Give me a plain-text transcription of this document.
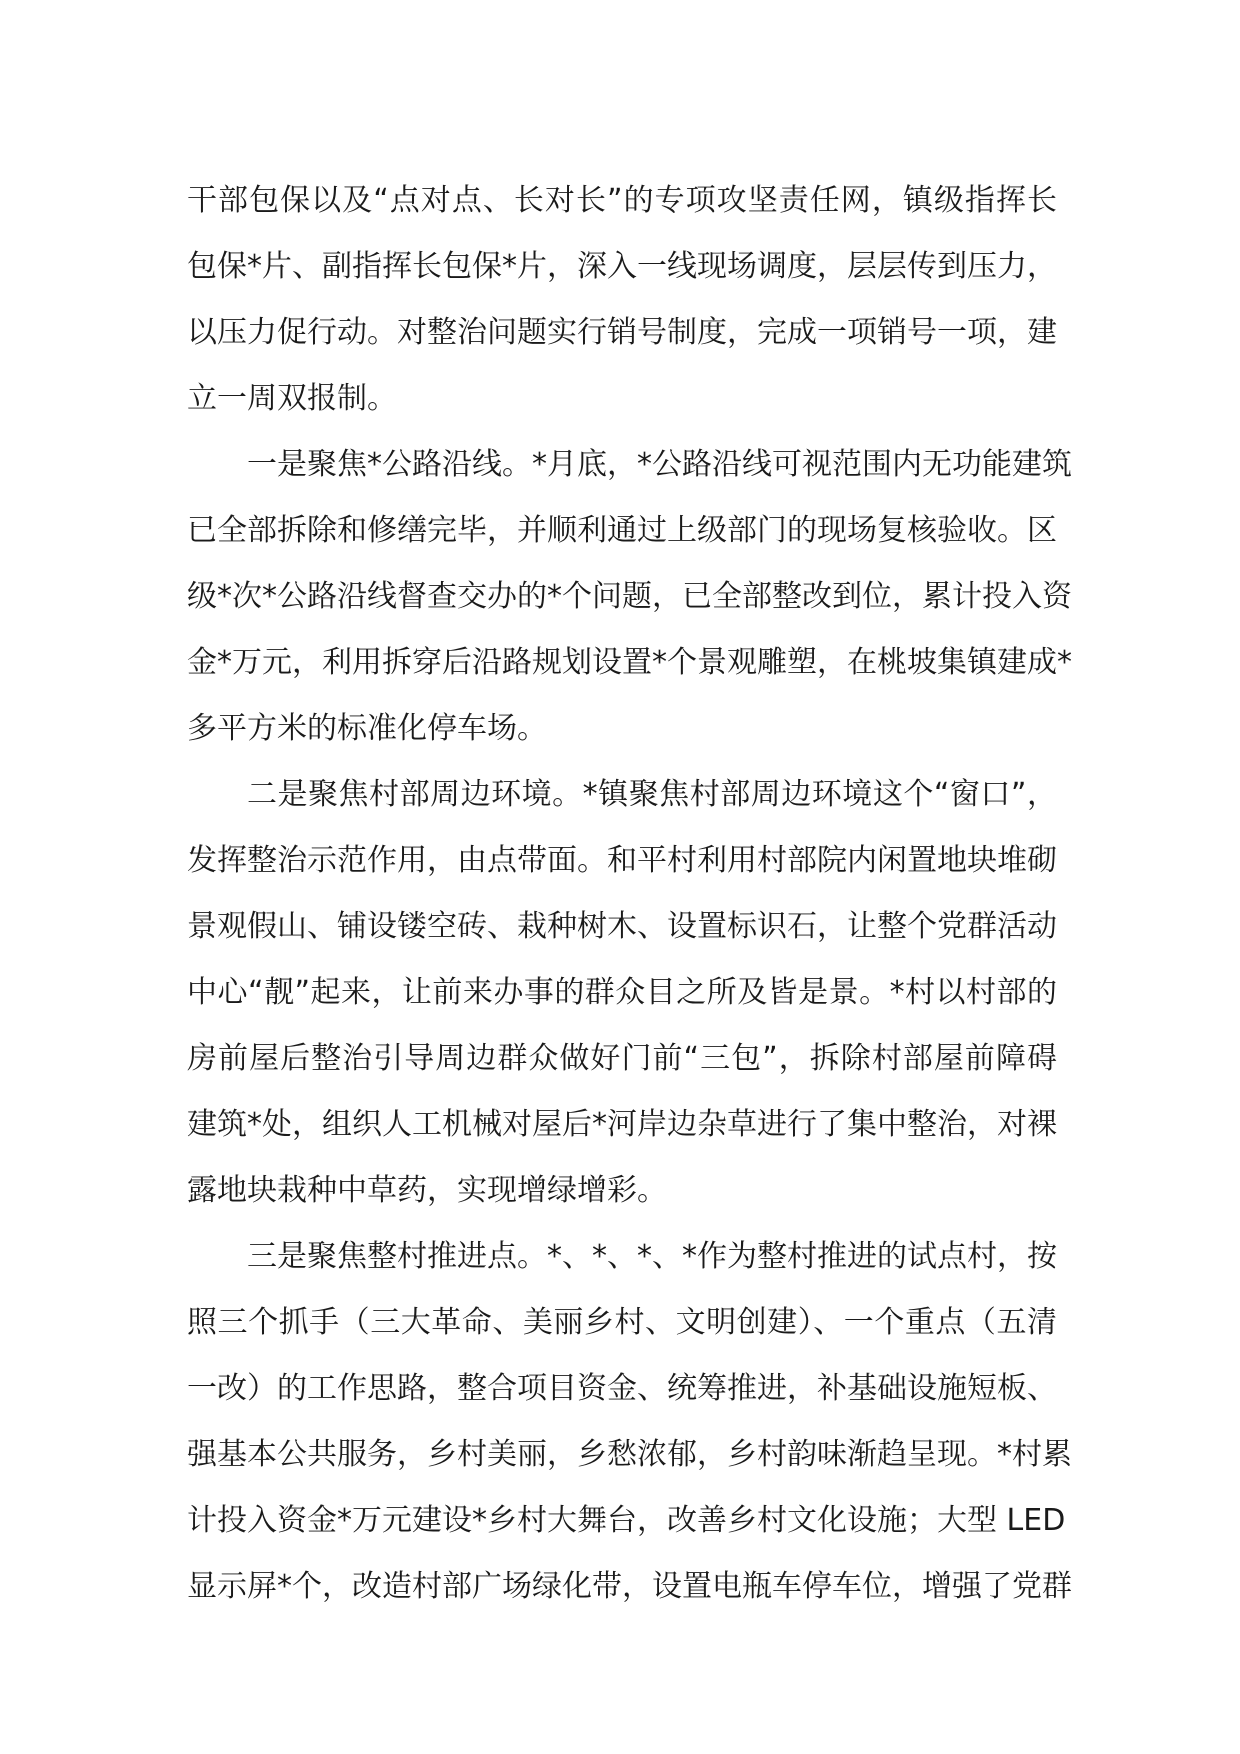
干部包保以及“点对点、长对长”的专项攻坚责任网，镇级指挥长
包保*片、副指挥长包保*片，深入一线现场调度，层层传到压力，
以压力促行动。对整治问题实行销号制度，完成一项销号一项，建
立一周双报制。
一是聚焦*公路沿线。*月底，*公路沿线可视范围内无功能建筑
已全部拆除和修缮完毕，并顺利通过上级部门的现场复核验收。区
级*次*公路沿线督查交办的*个问题，已全部整改到位，累计投入资
金*万元，利用拆穿后沿路规划设置*个景观雕塑，在桃坡集镇建成*
多平方米的标准化停车场。
二是聚焦村部周边环境。*镇聚焦村部周边环境这个“窗口”，
发挥整治示范作用，由点带面。和平村利用村部院内闲置地块堆砌
景观假山、铺设镂空砖、栽种树木、设置标识石，让整个党群活动
中心“靓”起来，让前来办事的群众目之所及皆是景。*村以村部的
房前屋后整治引导周边群众做好门前“三包”，拆除村部屋前障碍
建筑*处，组织人工机械对屋后*河岸边杂草进行了集中整治，对裸
露地块栽种中草药，实现增绿增彩。
三是聚焦整村推进点。*、*、*、*作为整村推进的试点村，按
照三个抓手（三大革命、美丽乡村、文明创建）、一个重点（五清
一改）的工作思路，整合项目资金、统筹推进，补基础设施短板、
强基本公共服务，乡村美丽，乡愁浓郁，乡村韵味渐趋呈现。*村累
计投入资金*万元建设*乡村大舞台，改善乡村文化设施；大型 LED
显示屏*个，改造村部广场绿化带，设置电瓶车停车位，增强了党群
